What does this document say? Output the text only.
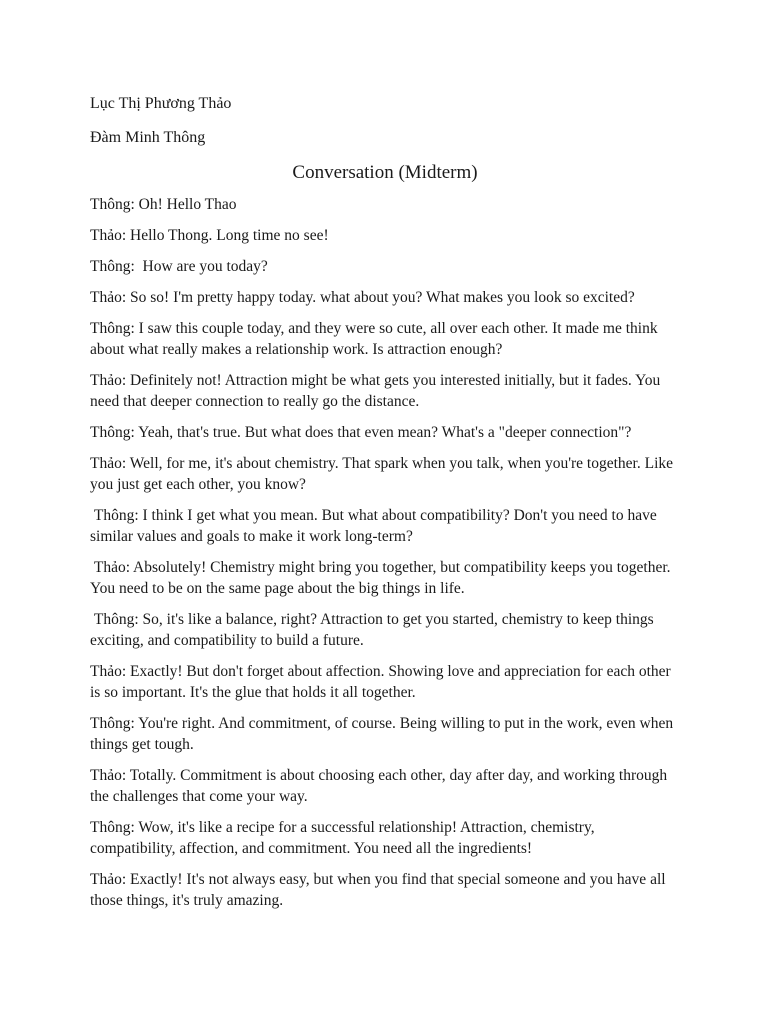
Lục Thị Phương Thảo

Đàm Minh Thông

Conversation (Midterm)

Thông: Oh! Hello Thao

Thảo: Hello Thong. Long time no see!

Thông:  How are you today?

Thảo: So so! I'm pretty happy today. what about you? What makes you look so excited?

Thông: I saw this couple today, and they were so cute, all over each other. It made me think about what really makes a relationship work. Is attraction enough?

Thảo: Definitely not! Attraction might be what gets you interested initially, but it fades. You need that deeper connection to really go the distance.

Thông: Yeah, that's true. But what does that even mean? What's a "deeper connection"?

Thảo: Well, for me, it's about chemistry. That spark when you talk, when you're together. Like you just get each other, you know?

Thông: I think I get what you mean. But what about compatibility? Don't you need to have similar values and goals to make it work long-term?

Thảo: Absolutely! Chemistry might bring you together, but compatibility keeps you together. You need to be on the same page about the big things in life.

Thông: So, it's like a balance, right? Attraction to get you started, chemistry to keep things exciting, and compatibility to build a future.

Thảo: Exactly! But don't forget about affection. Showing love and appreciation for each other is so important. It's the glue that holds it all together.

Thông: You're right. And commitment, of course. Being willing to put in the work, even when things get tough.

Thảo: Totally. Commitment is about choosing each other, day after day, and working through the challenges that come your way.

Thông: Wow, it's like a recipe for a successful relationship! Attraction, chemistry, compatibility, affection, and commitment. You need all the ingredients!

Thảo: Exactly! It's not always easy, but when you find that special someone and you have all those things, it's truly amazing.
